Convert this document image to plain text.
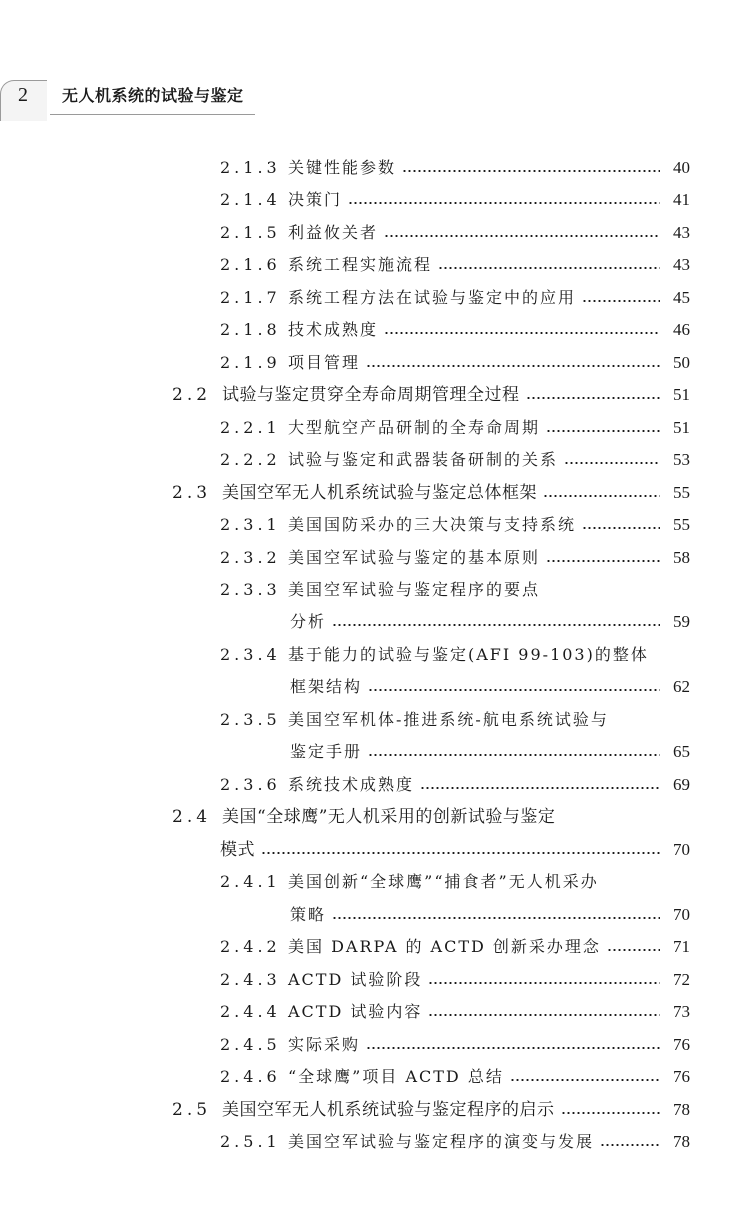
2 无人机系统的试验与鉴定
2.1.3 关键性能参数	40
2.1.4 决策门	41
2.1.5 利益攸关者	43
2.1.6 系统工程实施流程	43
2.1.7 系统工程方法在试验与鉴定中的应用	45
2.1.8 技术成熟度	46
2.1.9 项目管理	50
2.2 试验与鉴定贯穿全寿命周期管理全过程	51
2.2.1 大型航空产品研制的全寿命周期	51
2.2.2 试验与鉴定和武器装备研制的关系	53
2.3 美国空军无人机系统试验与鉴定总体框架	55
2.3.1 美国国防采办的三大决策与支持系统	55
2.3.2 美国空军试验与鉴定的基本原则	58
2.3.3 美国空军试验与鉴定程序的要点
分析	59
2.3.4 基于能力的试验与鉴定(AFI 99-103)的整体
框架结构	62
2.3.5 美国空军机体-推进系统-航电系统试验与
鉴定手册	65
2.3.6 系统技术成熟度	69
2.4 美国“全球鹰”无人机采用的创新试验与鉴定
模式	70
2.4.1 美国创新“全球鹰”“捕食者”无人机采办
策略	70
2.4.2 美国 DARPA 的 ACTD 创新采办理念	71
2.4.3 ACTD 试验阶段	72
2.4.4 ACTD 试验内容	73
2.4.5 实际采购	76
2.4.6 “全球鹰”项目 ACTD 总结	76
2.5 美国空军无人机系统试验与鉴定程序的启示	78
2.5.1 美国空军试验与鉴定程序的演变与发展	78
